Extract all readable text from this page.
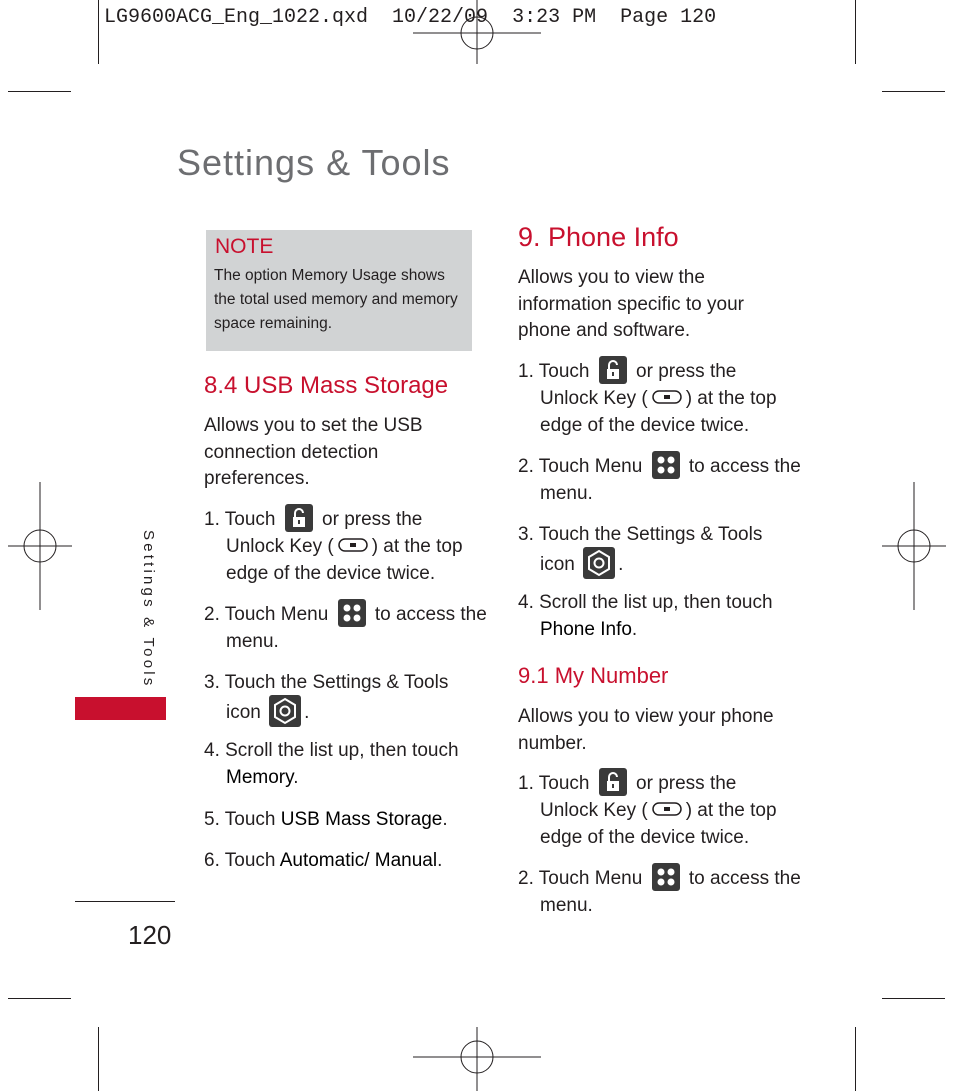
LG9600ACG_Eng_1022.qxd  10/22/09  3:23 PM  Page 120
Settings & Tools
Settings & Tools
NOTE
The option Memory Usage shows the total used memory and memory space remaining.
8.4 USB Mass Storage
Allows you to set the USB connection detection preferences.
1. Touch or press the
Unlock Key ( ) at the top
edge of the device twice.
2. Touch Menu to access the
menu.
3. Touch the Settings & Tools
icon .
4. Scroll the list up, then touch
Memory.
5. Touch USB Mass Storage.
6. Touch Automatic/ Manual.
9. Phone Info
Allows you to view the information specific to your phone and software.
1. Touch or press the
Unlock Key ( ) at the top
edge of the device twice.
2. Touch Menu to access the
menu.
3. Touch the Settings & Tools
icon .
4. Scroll the list up, then touch
Phone Info.
9.1 My Number
Allows you to view your phone number.
1. Touch or press the
Unlock Key ( ) at the top
edge of the device twice.
2. Touch Menu to access the
menu.
120
